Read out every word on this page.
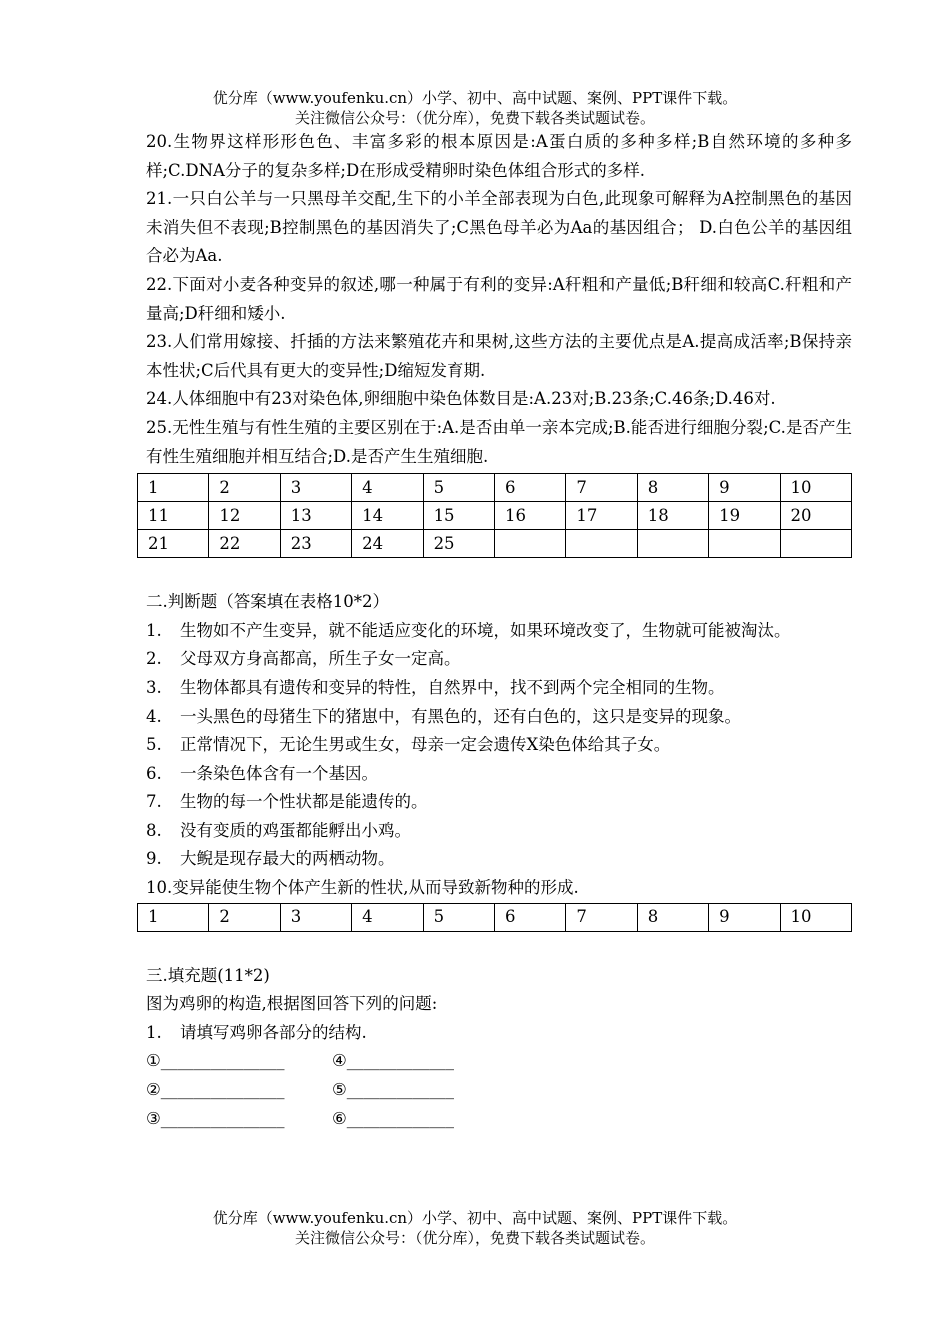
优分库（www.youfenku.cn）小学、初中、高中试题、案例、PPT课件下载。
关注微信公众号：（优分库），免费下载各类试题试卷。

20.生物界这样形形色色、丰富多彩的根本原因是:A蛋白质的多种多样;B自然环境的多种多样;C.DNA分子的复杂多样;D在形成受精卵时染色体组合形式的多样.

21.一只白公羊与一只黑母羊交配,生下的小羊全部表现为白色,此现象可解释为A控制黑色的基因未消失但不表现;B控制黑色的基因消失了;C黑色母羊必为Aa的基因组合； D.白色公羊的基因组合必为Aa.

22.下面对小麦各种变异的叙述,哪一种属于有利的变异:A秆粗和产量低;B秆细和较高C.秆粗和产量高;D秆细和矮小.

23.人们常用嫁接、扦插的方法来繁殖花卉和果树,这些方法的主要优点是A.提高成活率;B保持亲本性状;C后代具有更大的变异性;D缩短发育期.

24.人体细胞中有23对染色体,卵细胞中染色体数目是:A.23对;B.23条;C.46条;D.46对.

25.无性生殖与有性生殖的主要区别在于:A.是否由单一亲本完成;B.能否进行细胞分裂;C.是否产生有性生殖细胞并相互结合;D.是否产生生殖细胞.

1	2	3	4	5	6	7	8	9	10
11	12	13	14	15	16	17	18	19	20
21	22	23	24	25					

二.判断题（答案填在表格10*2）

1.	生物如不产生变异，就不能适应变化的环境，如果环境改变了，生物就可能被淘汰。
2.	父母双方身高都高，所生子女一定高。
3.	生物体都具有遗传和变异的特性，自然界中，找不到两个完全相同的生物。
4.	一头黑色的母猪生下的猪崽中，有黑色的，还有白色的，这只是变异的现象。
5.	正常情况下，无论生男或生女，母亲一定会遗传X染色体给其子女。
6.	一条染色体含有一个基因。
7.	生物的每一个性状都是能遗传的。
8.	没有变质的鸡蛋都能孵出小鸡。
9.	大鲵是现存最大的两栖动物。

10.变异能使生物个体产生新的性状,从而导致新物种的形成.

1	2	3	4	5	6	7	8	9	10

三.填充题(11*2)

图为鸡卵的构造,根据图回答下列的问题:

1.	请填写鸡卵各部分的结构.
①_______________	④_____________
②_______________	⑤_____________
③_______________	⑥_____________
优分库（www.youfenku.cn）小学、初中、高中试题、案例、PPT课件下载。
关注微信公众号：（优分库），免费下载各类试题试卷。
